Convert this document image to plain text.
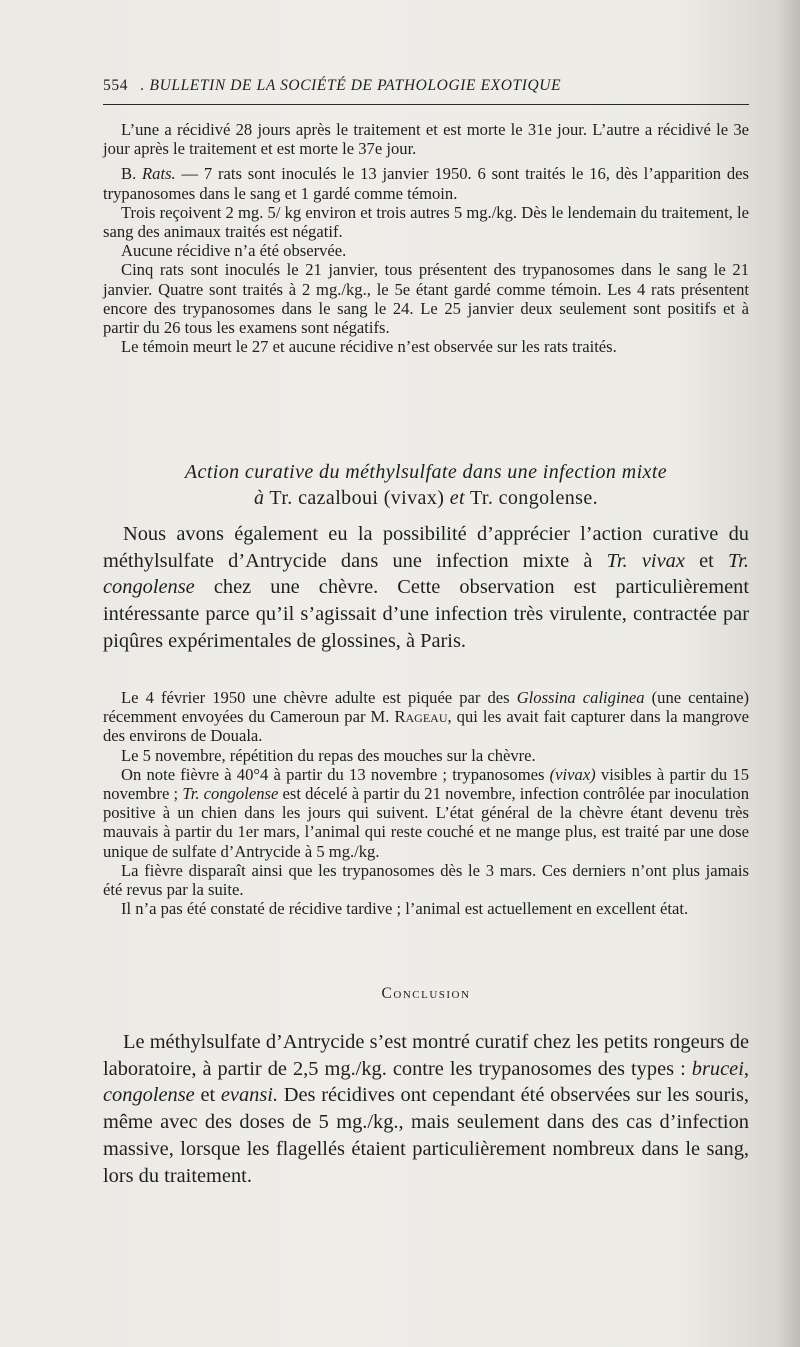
554 . BULLETIN DE LA SOCIÉTÉ DE PATHOLOGIE EXOTIQUE

L’une a récidivé 28 jours après le traitement et est morte le 31e jour. L’autre a récidivé le 3e jour après le traitement et est morte le 37e jour.

B. Rats. — 7 rats sont inoculés le 13 janvier 1950. 6 sont traités le 16, dès l’apparition des trypanosomes dans le sang et 1 gardé comme témoin.

Trois reçoivent 2 mg. 5/ kg environ et trois autres 5 mg./kg. Dès le lendemain du traitement, le sang des animaux traités est négatif.

Aucune récidive n’a été observée.

Cinq rats sont inoculés le 21 janvier, tous présentent des trypanosomes dans le sang le 21 janvier. Quatre sont traités à 2 mg./kg., le 5e étant gardé comme témoin. Les 4 rats présentent encore des trypanosomes dans le sang le 24. Le 25 janvier deux seulement sont positifs et à partir du 26 tous les examens sont négatifs.

Le témoin meurt le 27 et aucune récidive n’est observée sur les rats traités.

Action curative du méthylsulfate dans une infection mixte
à Tr. cazalboui (vivax) et Tr. congolense.

Nous avons également eu la possibilité d’apprécier l’action curative du méthylsulfate d’Antrycide dans une infection mixte à Tr. vivax et Tr. congolense chez une chèvre. Cette observation est particulièrement intéressante parce qu’il s’agissait d’une infection très virulente, contractée par piqûres expérimentales de glossines, à Paris.

Le 4 février 1950 une chèvre adulte est piquée par des Glossina caliginea (une centaine) récemment envoyées du Cameroun par M. Rageau, qui les avait fait capturer dans la mangrove des environs de Douala.

Le 5 novembre, répétition du repas des mouches sur la chèvre.

On note fièvre à 40°4 à partir du 13 novembre ; trypanosomes (vivax) visibles à partir du 15 novembre ; Tr. congolense est décelé à partir du 21 novembre, infection contrôlée par inoculation positive à un chien dans les jours qui suivent. L’état général de la chèvre étant devenu très mauvais à partir du 1er mars, l’animal qui reste couché et ne mange plus, est traité par une dose unique de sulfate d’Antrycide à 5 mg./kg.

La fièvre disparaît ainsi que les trypanosomes dès le 3 mars. Ces derniers n’ont plus jamais été revus par la suite.

Il n’a pas été constaté de récidive tardive ; l’animal est actuellement en excellent état.

Conclusion

Le méthylsulfate d’Antrycide s’est montré curatif chez les petits rongeurs de laboratoire, à partir de 2,5 mg./kg. contre les trypanosomes des types : brucei, congolense et evansi. Des récidives ont cependant été observées sur les souris, même avec des doses de 5 mg./kg., mais seulement dans des cas d’infection massive, lorsque les flagellés étaient particulièrement nombreux dans le sang, lors du traitement.
